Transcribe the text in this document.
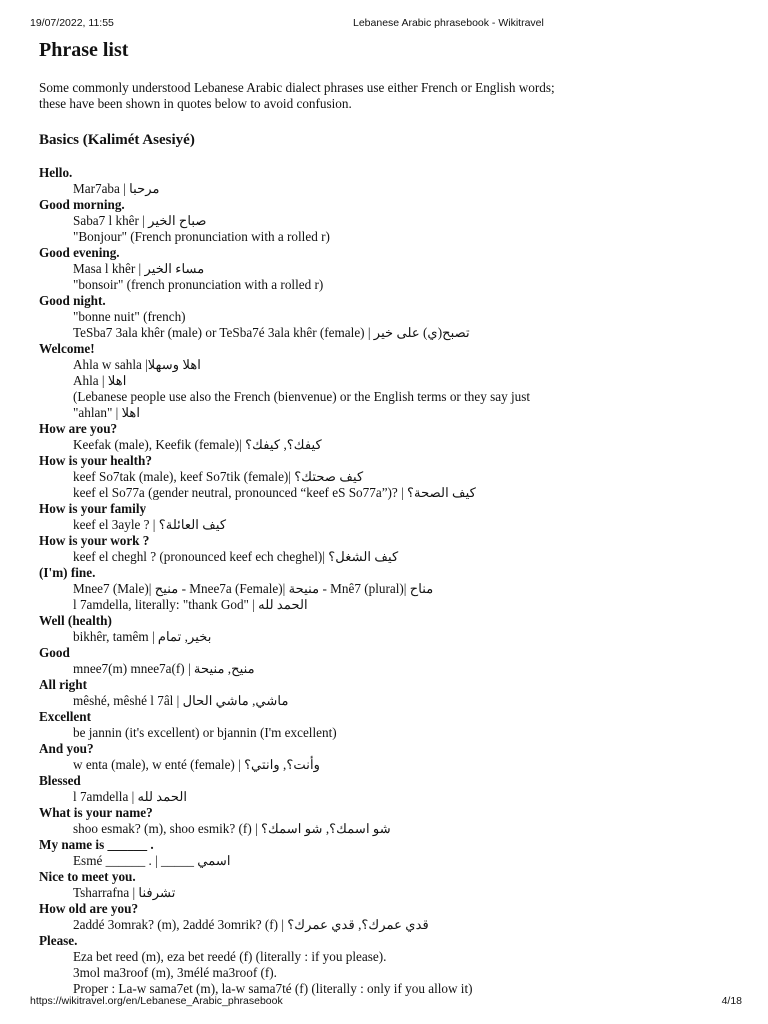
19/07/2022, 11:55	Lebanese Arabic phrasebook - Wikitravel
Phrase list
Some commonly understood Lebanese Arabic dialect phrases use either French or English words;
these have been shown in quotes below to avoid confusion.
Basics (Kalimét Asesiyé)
Hello.
Mar7aba | مرحبا
Good morning.
Saba7 l khêr | صباح الخير
"Bonjour" (French pronunciation with a rolled r)
Good evening.
Masa l khêr | مساء الخير
"bonsoir" (french pronunciation with a rolled r)
Good night.
"bonne nuit" (french)
TeSba7 3ala khêr (male) or TeSba7é 3ala khêr (female) | تصبح(ي) على خير
Welcome!
Ahla w sahla |اهلا وسهلا
Ahla | اهلا
(Lebanese people use also the French (bienvenue) or the English terms or they say just
"ahlan" | اهلا
How are you?
Keefak (male), Keefik (female)| كيفك؟, كيفك؟
How is your health?
keef So7tak (male), keef So7tik (female)| كيف صحتك؟
keef el So77a (gender neutral, pronounced “keef eS So77a”)? | كيف الصحة؟
How is your family
keef el 3ayle ? | كيف العائلة؟
How is your work ?
keef el cheghl ? (pronounced keef ech cheghel)| كيف الشغل؟
(I'm) fine.
Mnee7 (Male)| منيح - Mnee7a (Female)| منيحة - Mnê7 (plural)| مناح
l 7amdella, literally: "thank God" | الحمد لله
Well (health)
bikhêr, tamêm | بخير, تمام
Good
mnee7(m) mnee7a(f) | منيح, منيحة
All right
mêshé, mêshé l 7âl | ماشي, ماشي الحال
Excellent
be jannin (it's excellent) or bjannin (I'm excellent)
And you?
w enta (male), w enté (female) | وأنت؟, وانتي؟
Blessed
l 7amdella | الحمد لله
What is your name?
shoo esmak? (m), shoo esmik? (f) | شو اسمك؟, شو اسمك؟
My name is ______ .
Esmé ______ . | _____ اسمي
Nice to meet you.
Tsharrafna | تشرفنا
How old are you?
2addé 3omrak? (m), 2addé 3omrik? (f) | قدي عمرك؟, قدي عمرك؟
Please.
Eza bet reed (m), eza bet reedé (f) (literally : if you please).
3mol ma3roof (m), 3mélé ma3roof (f).
Proper : La-w sama7et (m), la-w sama7té (f) (literally : only if you allow it)
https://wikitravel.org/en/Lebanese_Arabic_phrasebook	4/18
